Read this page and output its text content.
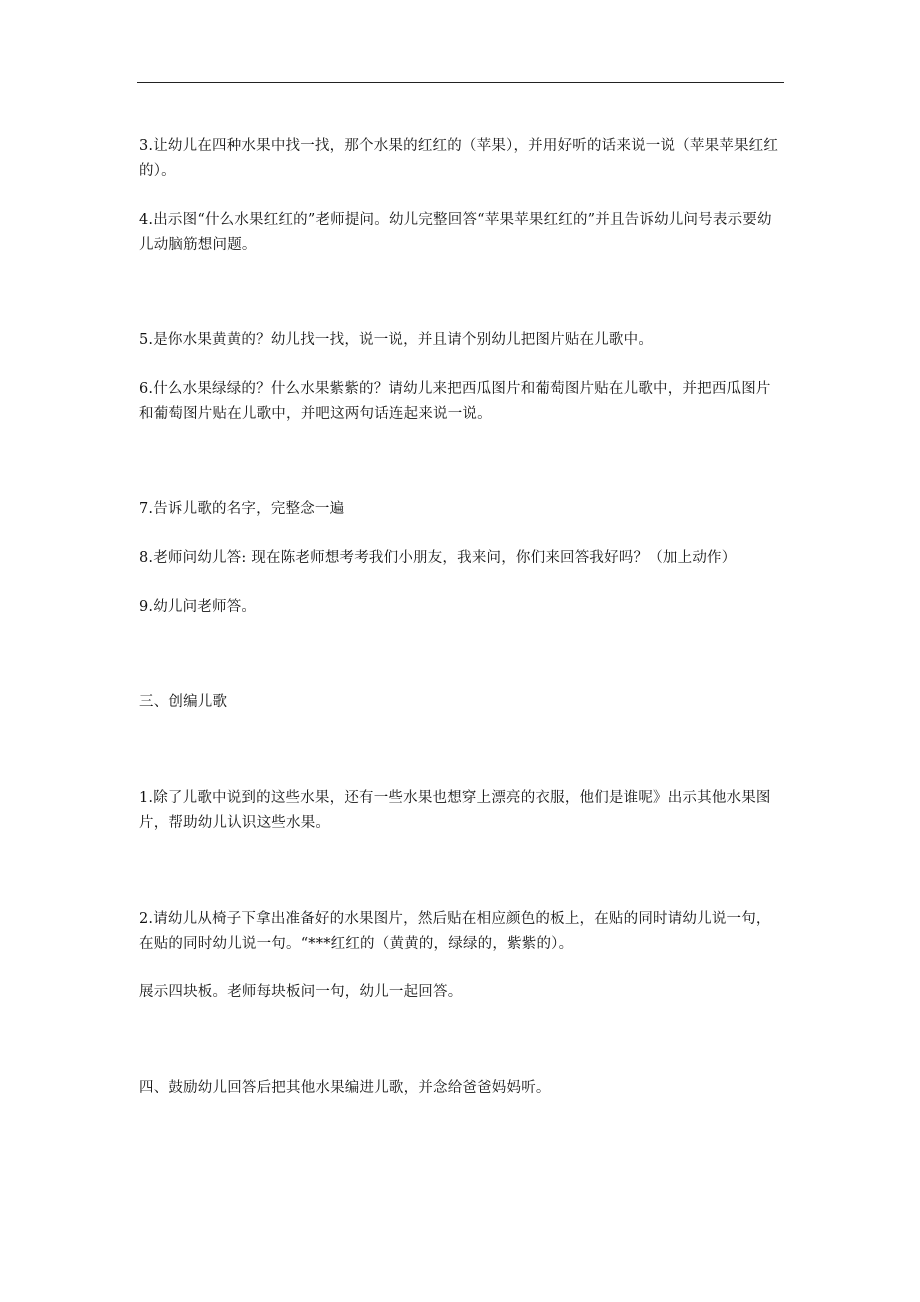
3.让幼儿在四种水果中找一找，那个水果的红红的（苹果），并用好听的话来说一说（苹果苹果红红的）。

4.出示图“什么水果红红的”老师提问。幼儿完整回答“苹果苹果红红的”并且告诉幼儿问号表示要幼儿动脑筋想问题。

5.是你水果黄黄的？幼儿找一找，说一说，并且请个别幼儿把图片贴在儿歌中。

6.什么水果绿绿的？什么水果紫紫的？请幼儿来把西瓜图片和葡萄图片贴在儿歌中，并把西瓜图片和葡萄图片贴在儿歌中，并吧这两句话连起来说一说。

7.告诉儿歌的名字，完整念一遍

8.老师问幼儿答: 现在陈老师想考考我们小朋友，我来问，你们来回答我好吗？（加上动作）

9.幼儿问老师答。

三、创编儿歌

1.除了儿歌中说到的这些水果，还有一些水果也想穿上漂亮的衣服，他们是谁呢》出示其他水果图片，帮助幼儿认识这些水果。

2.请幼儿从椅子下拿出准备好的水果图片，然后贴在相应颜色的板上，在贴的同时请幼儿说一句，在贴的同时幼儿说一句。“***红红的（黄黄的，绿绿的，紫紫的）。

展示四块板。老师每块板问一句，幼儿一起回答。

四、鼓励幼儿回答后把其他水果编进儿歌，并念给爸爸妈妈听。
